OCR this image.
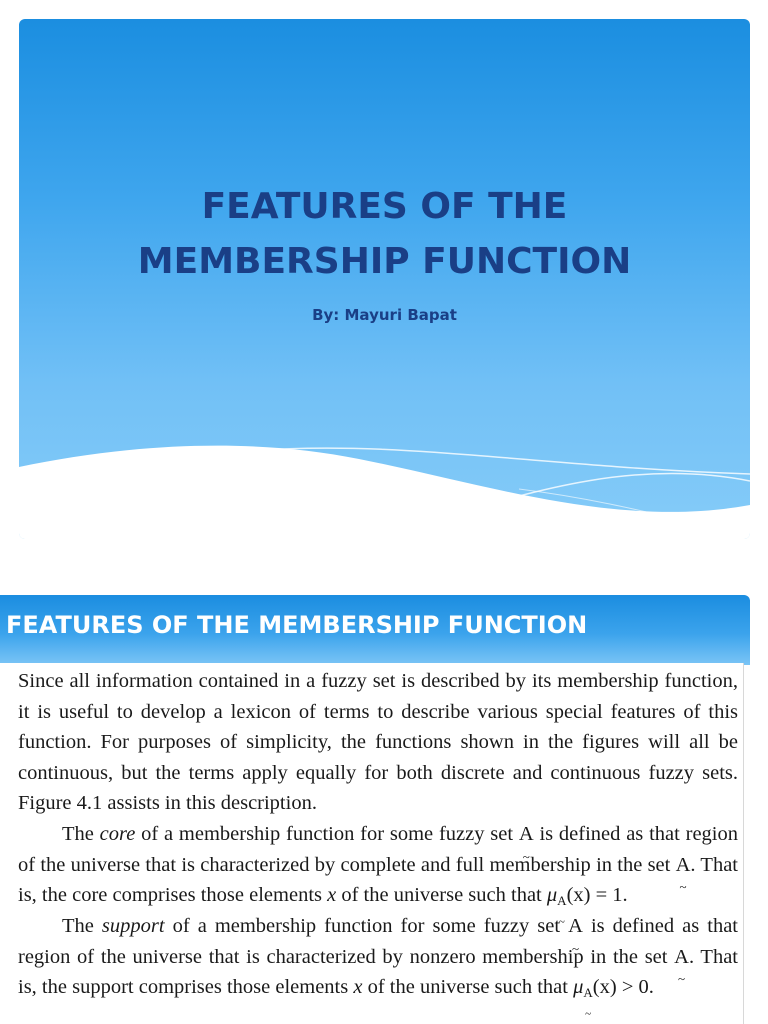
FEATURES OF THE
MEMBERSHIP FUNCTION
By: Mayuri Bapat
FEATURES OF THE MEMBERSHIP FUNCTION
Since all information contained in a fuzzy set is described by its membership function, it is useful to develop a lexicon of terms to describe various special features of this function. For purposes of simplicity, the functions shown in the figures will all be continuous, but the terms apply equally for both discrete and continuous fuzzy sets. Figure 4.1 assists in this description.
The core of a membership function for some fuzzy set A ~ is defined as that region of the universe that is characterized by complete and full membership in the set A ~. That is, the core comprises those elements x of the universe such that μA ~(x) = 1.
The support of a membership function for some fuzzy set A ~ is defined as that region of the universe that is characterized by nonzero membership in the set A ~. That is, the support comprises those elements x of the universe such that μA ~(x) > 0.
